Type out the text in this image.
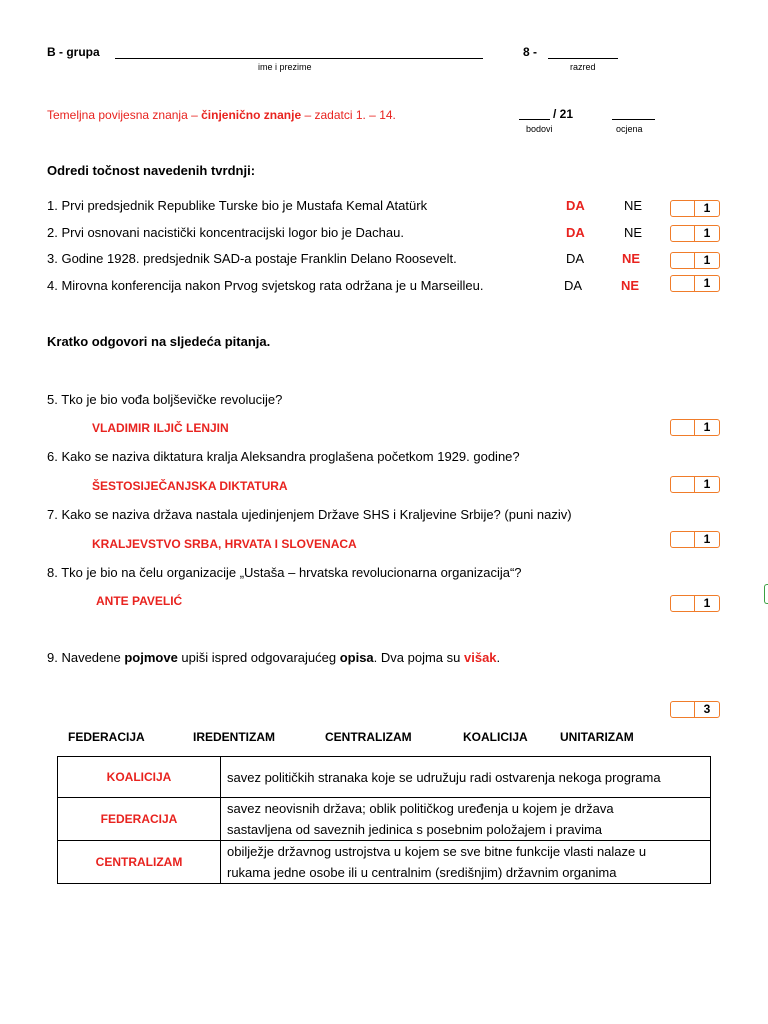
B - grupa
ime i prezime
8 -
razred
Temeljna povijesna znanja – činjenično znanje – zadatci 1. – 14.	/ 21
bodovi	ocjena
Odredi točnost navedenih tvrdnji:
1. Prvi predsjednik Republike Turske bio je Mustafa Kemal Atatürk	DA	NE	1
2. Prvi osnovani nacistički koncentracijski logor bio je Dachau.	DA	NE	1
3. Godine 1928. predsjednik SAD-a postaje Franklin Delano Roosevelt.	DA	NE	1
4. Mirovna konferencija nakon Prvog svjetskog rata održana je u Marseilleu.	DA	NE	1
Kratko odgovori na sljedeća pitanja.
5. Tko je bio vođa boljševičke revolucije?
VLADIMIR ILJIČ LENJIN	1
6. Kako se naziva diktatura kralja Aleksandra proglašena početkom 1929. godine?
ŠESTOSIJEČANJSKA DIKTATURA	1
7. Kako se naziva država nastala ujedinjenjem Države SHS i Kraljevine Srbije? (puni naziv)
KRALJEVSTVO SRBA, HRVATA I SLOVENACA	1
8. Tko je bio na čelu organizacije „Ustaša – hrvatska revolucionarna organizacija“?
ANTE PAVELIĆ	1
9. Navedene pojmove upiši ispred odgovarajućeg opisa. Dva pojma su višak.
3
FEDERACIJA	IREDENTIZAM	CENTRALIZAM	KOALICIJA	UNITARIZAM
KOALICIJA	savez političkih stranaka koje se udružuju radi ostvarenja nekoga programa
FEDERACIJA	savez neovisnih država; oblik političkog uređenja u kojem je država
sastavljena od saveznih jedinica s posebnim položajem i pravima

CENTRALIZAM	obilježje državnog ustrojstva u kojem se sve bitne funkcije vlasti nalaze u
rukama jedne osobe ili u centralnim (središnjim) državnim organima
